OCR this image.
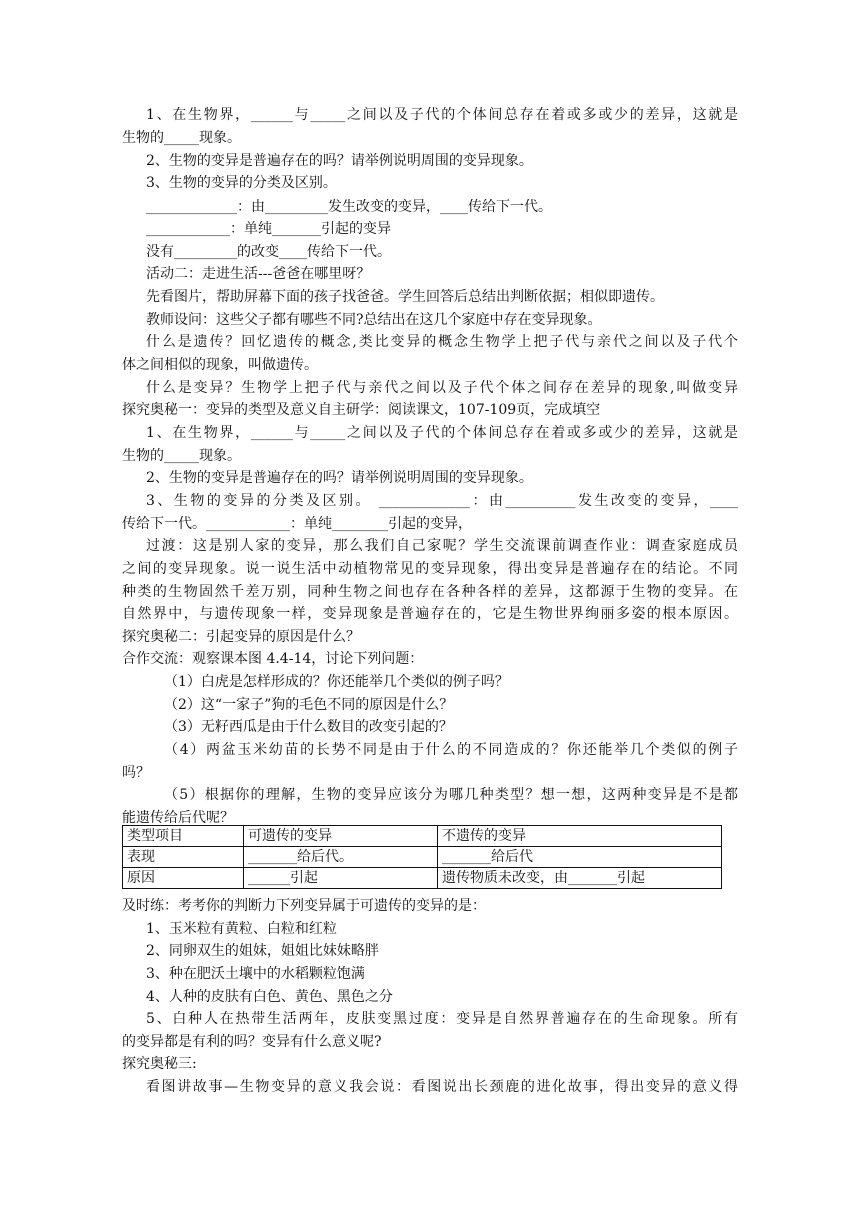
1、在生物界，______与_____之间以及子代的个体间总存在着或多或少的差异，这就是
生物的_____现象。
2、生物的变异是普遍存在的吗？请举例说明周围的变异现象。
3、生物的变异的分类及区别。
_____________：由_________发生改变的变异，____传给下一代。
____________：单纯_______引起的变异
没有_________的改变____传给下一代。
活动二：走进生活---爸爸在哪里呀？
先看图片，帮助屏幕下面的孩子找爸爸。学生回答后总结出判断依据；相似即遗传。
教师设问：这些父子都有哪些不同?总结出在这几个家庭中存在变异现象。
什么是遗传？回忆遗传的概念,类比变异的概念生物学上把子代与亲代之间以及子代个
体之间相似的现象，叫做遗传。
什么是变异？生物学上把子代与亲代之间以及子代个体之间存在差异的现象,叫做变异
探究奥秘一：变异的类型及意义自主研学：阅读课文，107-109页，完成填空
1、在生物界，______与_____之间以及子代的个体间总存在着或多或少的差异，这就是
生物的_____现象。
2、生物的变异是普遍存在的吗？请举例说明周围的变异现象。
3、生物的变异的分类及区别。 _____________：由__________发生改变的变异，____
传给下一代。____________：单纯________引起的变异，
过渡：这是别人家的变异，那么我们自己家呢？学生交流课前调查作业：调查家庭成员
之间的变异现象。说一说生活中动植物常见的变异现象，得出变异是普遍存在的结论。不同
种类的生物固然千差万别，同种生物之间也存在各种各样的差异，这都源于生物的变异。在
自然界中，与遗传现象一样，变异现象是普遍存在的，它是生物世界绚丽多姿的根本原因。
探究奥秘二：引起变异的原因是什么？
合作交流：观察课本图 4.4-14，讨论下列问题：
（1）白虎是怎样形成的？你还能举几个类似的例子吗？
（2）这“一家子”狗的毛色不同的原因是什么？
（3）无籽西瓜是由于什么数目的改变引起的？
（4）两盆玉米幼苗的长势不同是由于什么的不同造成的？你还能举几个类似的例子
吗？
（5）根据你的理解，生物的变异应该分为哪几种类型？想一想，这两种变异是不是都
能遗传给后代呢？
类型项目	可遗传的变异	不遗传的变异
表现	_______给后代。	_______给后代
原因	______引起	遗传物质未改变，由_______引起
及时练：考考你的判断力下列变异属于可遗传的变异的是：
1、玉米粒有黄粒、白粒和红粒
2、同卵双生的姐妹，姐姐比妹妹略胖
3、种在肥沃土壤中的水稻颗粒饱满
4、人种的皮肤有白色、黄色、黑色之分
5、白种人在热带生活两年，皮肤变黑过度：变异是自然界普遍存在的生命现象。所有
的变异都是有利的吗？变异有什么意义呢?
探究奥秘三:
看图讲故事—生物变异的意义我会说：看图说出长颈鹿的进化故事，得出变异的意义得
